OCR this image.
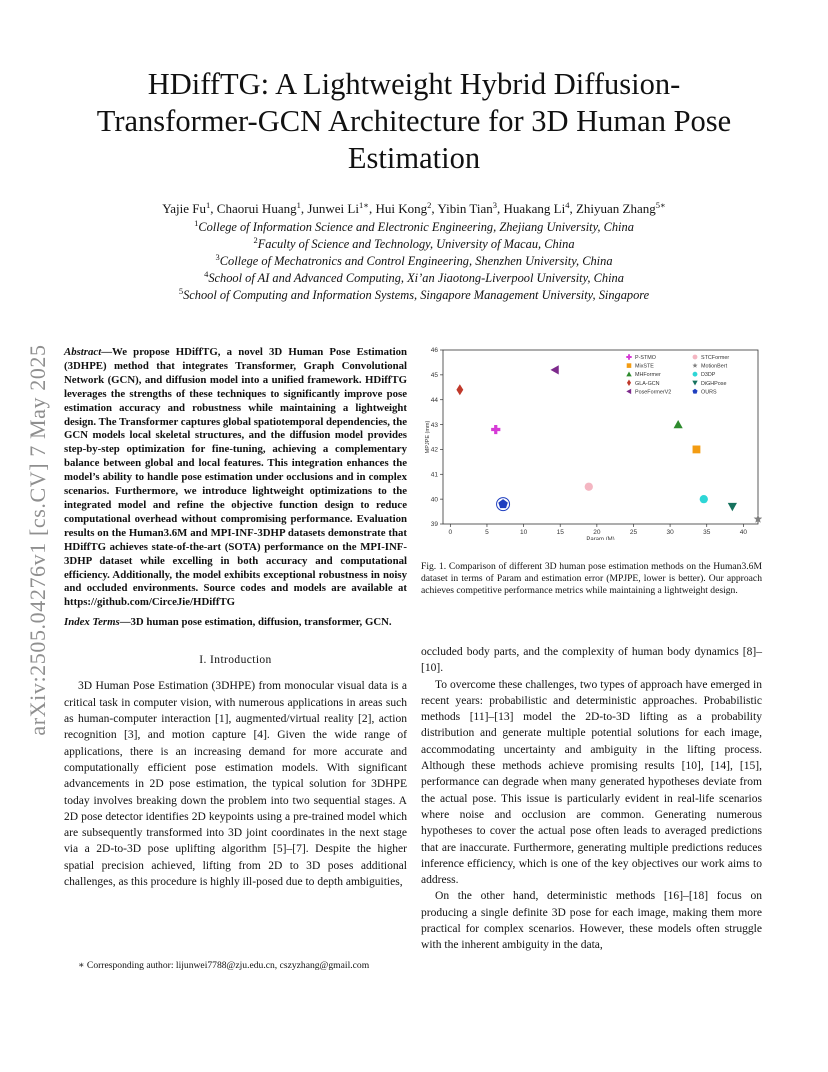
arXiv:2505.04276v1 [cs.CV] 7 May 2025
HDiffTG: A Lightweight Hybrid Diffusion-Transformer-GCN Architecture for 3D Human Pose Estimation
Yajie Fu$^1$, Chaorui Huang$^1$, Junwei $Li^{1∗}$, Hui Kong$^2$, Yibin Tian$^3$, Huakang Li$^4$, Zhiyuan Zhang$^{5∗}$
$^1$College of Information Science and Electronic Engineering, Zhejiang University, China
$^2$Faculty of Science and Technology, University of Macau, China
$^3$College of Mechatronics and Control Engineering, Shenzhen University, China
$^4$School of AI and Advanced Computing, Xi’an Jiaotong-Liverpool University, China
$^5$School of Computing and Information Systems, Singapore Management University, Singapore

Abstract—We propose HDiffTG, a novel 3D Human Pose Estimation (3DHPE) method that integrates Transformer, Graph Convolutional Network (GCN), and diffusion model into a unified framework. HDiffTG leverages the strengths of these techniques to significantly improve pose estimation accuracy and robustness while maintaining a lightweight design. The Transformer captures global spatiotemporal dependencies, the GCN models local skeletal structures, and the diffusion model provides step-by-step optimization for fine-tuning, achieving a complementary balance between global and local features. This integration enhances the model’s ability to handle pose estimation under occlusions and in complex scenarios. Furthermore, we introduce lightweight optimizations to the integrated model and refine the objective function design to reduce computational overhead without compromising performance. Evaluation results on the Human3.6M and MPI-INF-3DHP datasets demonstrate that HDiffTG achieves state-of-the-art (SOTA) performance on the MPI-INF-3DHP dataset while excelling in both accuracy and computational efficiency. Additionally, the model exhibits exceptional robustness in noisy and occluded environments. Source codes and models are available at https://github.com/CirceJie/HDiffTG

Index Terms—3D human pose estimation, diffusion, transformer, GCN.

I. Introduction

3D Human Pose Estimation (3DHPE) from monocular visual data is a critical task in computer vision, with numerous applications in areas such as human-computer interaction [1], augmented/virtual reality [2], action recognition [3], and motion capture [4]. Given the wide range of applications, there is an increasing demand for more accurate and computationally efficient pose estimation models. With significant advancements in 2D pose estimation, the typical solution for 3DHPE today involves breaking down the problem into two sequential stages. A 2D pose detector identifies 2D keypoints using a pre-trained model which are subsequently transformed into 3D joint coordinates in the next stage via a 2D-to-3D pose uplifting algorithm [5]–[7]. Despite the higher spatial precision achieved, lifting from 2D to 3D poses additional challenges, as this procedure is highly ill-posed due to depth ambiguities,

∗ Corresponding author: lijunwei7788@zju.edu.cn, cszyzhang@gmail.com
0	5	10	15	20	25	30	35	40
39
40
41
42
43
44
45
46
Param (M)
MPJPE (mm)
P-STMO	STCFormer
MixSTE	MotionBert
MHFormer	D3DP
GLA-GCN	DiGHPose
PoseFormerV2	OURS
Fig. 1. Comparison of different 3D human pose estimation methods on the Human3.6M dataset in terms of Param and estimation error (MPJPE, lower is better). Our approach achieves competitive performance metrics while maintaining a lightweight design.

occluded body parts, and the complexity of human body dynamics [8]–[10].

To overcome these challenges, two types of approach have emerged in recent years: probabilistic and deterministic approaches. Probabilistic methods [11]–[13] model the 2D-to-3D lifting as a probability distribution and generate multiple potential solutions for each image, accommodating uncertainty and ambiguity in the lifting process. Although these methods achieve promising results [10], [14], [15], performance can degrade when many generated hypotheses deviate from the actual pose. This issue is particularly evident in real-life scenarios where noise and occlusion are common. Generating numerous hypotheses to cover the actual pose often leads to averaged predictions that are inaccurate. Furthermore, generating multiple predictions reduces inference efficiency, which is one of the key objectives our work aims to address.

On the other hand, deterministic methods [16]–[18] focus on producing a single definite 3D pose for each image, making them more practical for complex scenarios. However, these models often struggle with the inherent ambiguity in the data,
